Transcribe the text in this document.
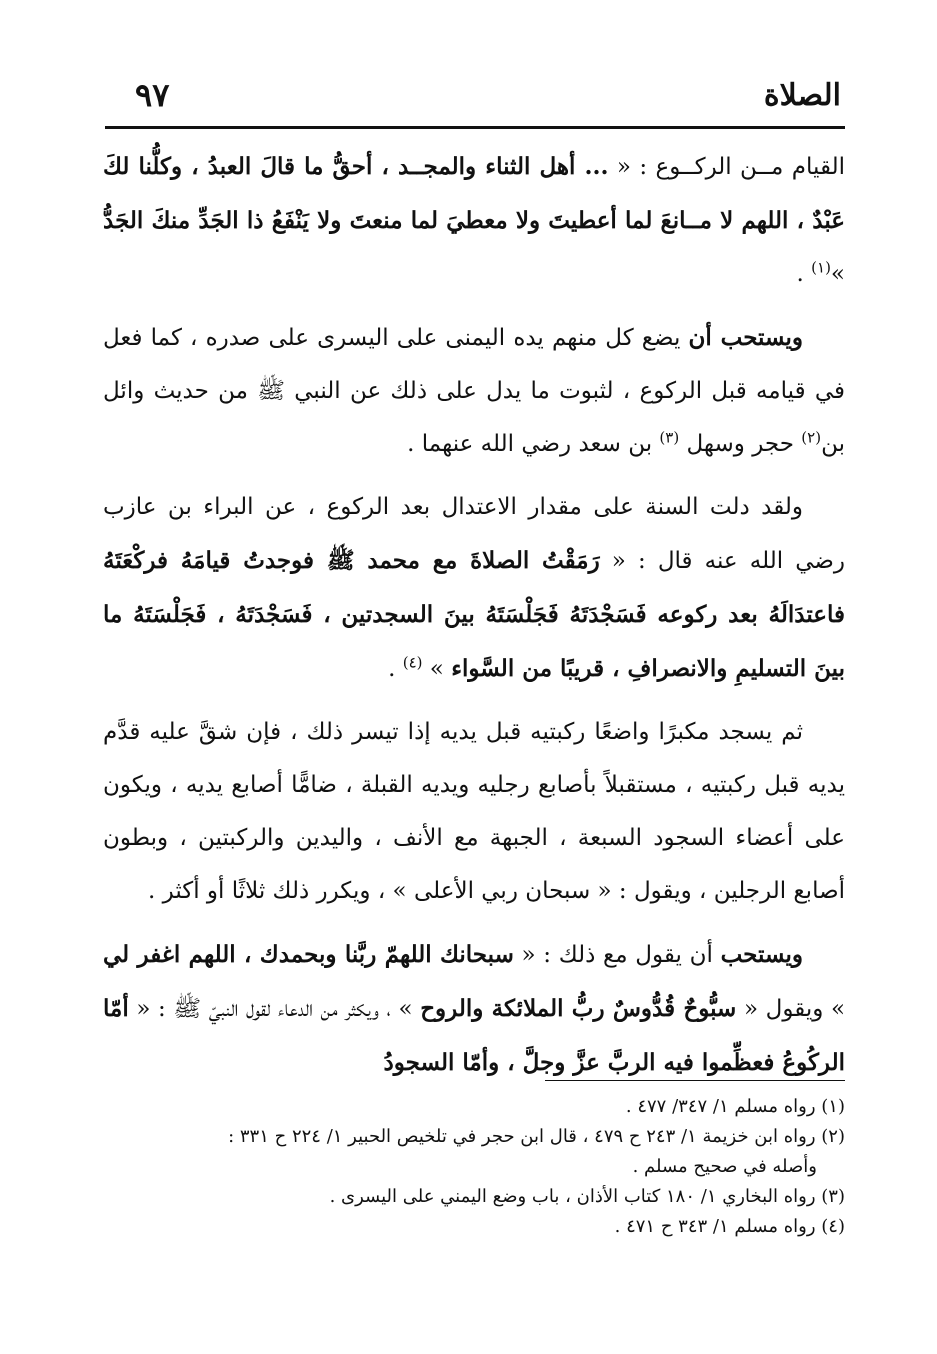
الصلاة
٩٧

القيام مــن الركــوع : « ... أهل الثناء والمجــد ، أحقُّ ما قالَ العبدُ ، وكلُّنا لكَ عَبْدٌ ، اللهم لا مــانعَ لما أعطيتَ ولا معطيَ لما منعتَ ولا يَنْفَعُ ذا الجَدِّ منكَ الجَدُّ »$^{(١)}$ .

ويستحب أن يضع كل منهم يده اليمنى على اليسرى على صدره ، كما فعل في قيامه قبل الركوع ، لثبوت ما يدل على ذلك عن النبي ﷺ من حديث وائل بن$^{(٢)}$ حجر وسهل $^{(٣)}$ بن سعد رضي الله عنهما .

ولقد دلت السنة على مقدار الاعتدال بعد الركوع ، عن البراء بن عازب رضي الله عنه قال : « رَمَقْتُ الصلاةَ مع محمد ﷺ فوجدتُ قيامَهُ فركْعَتَهُ فاعتدَالَهُ بعد ركوعه فَسَجْدَتَهُ فَجَلْسَتَهُ بينَ السجدتين ، فَسَجْدَتَهُ ، فَجَلْسَتَهُ ما بينَ التسليمِ والانصرافِ ، قريبًا من السَّواء » $^{(٤)}$ .

ثم يسجد مكبرًا واضعًا ركبتيه قبل يديه إذا تيسر ذلك ، فإن شقَّ عليه قدَّم يديه قبل ركبتيه ، مستقبلاً بأصابع رجليه ويديه القبلة ، ضامًّا أصابع يديه ، ويكون على أعضاء السجود السبعة ، الجبهة مع الأنف ، واليدين والركبتين ، وبطون أصابع الرجلين ، ويقول : « سبحان ربي الأعلى » ، ويكرر ذلك ثلاثًا أو أكثر .

ويستحب أن يقول مع ذلك : « سبحانك اللهمّ ربَّنا وبحمدك ، اللهم اغفر لي » ويقول « سبُّوحٌ قُدُّوسٌ ربُّ الملائكة والروح » ، ويكثر من الدعاء لقول النبيّ ﷺ : « أمّا الركُوعُ فعظِّموا فيه الربَّ عزَّ وجلَّ ، وأمّا السجودُ

(١) رواه مسلم ١/ ٣٤٧/ ٤٧٧ .

(٢) رواه ابن خزيمة ١/ ٢٤٣ ح ٤٧٩ ، قال ابن حجر في تلخيص الحبير ١/ ٢٢٤ ح ٣٣١ :

وأصله في صحيح مسلم .

(٣) رواه البخاري ١/ ١٨٠ كتاب الأذان ، باب وضع اليمني على اليسرى .

(٤) رواه مسلم ١/ ٣٤٣ ح ٤٧١ .
